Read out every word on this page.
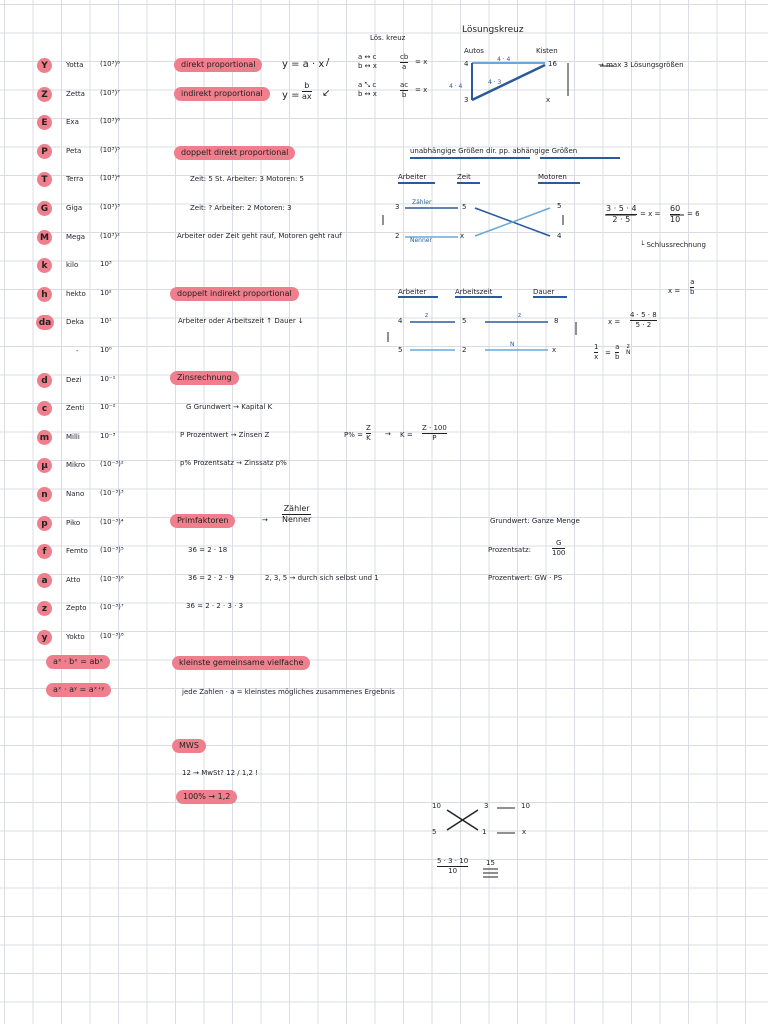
Y	Yotta (10³)⁸
Z	Zetta (10³)⁷
E	Exa	(10³)⁶
P	Peta	(10³)⁵
T	Terra (10³)⁴
G	Giga	(10³)³
M	Mega (10³)²
k	kilo	10³
h	hekto 10²
da	Deka 10¹
-	10⁰
d	Dezi	10⁻¹
c	Zenti 10⁻²
m	Milli	10⁻³
µ	Mikro (10⁻³)²
n	Nano (10⁻³)³
p	Piko	(10⁻³)⁴
f	Femto (10⁻³)⁵
a	Atto	(10⁻³)⁶
z	Zepto (10⁻³)⁷
y	Yokto (10⁻³)⁸
aˣ · bˣ = abˣ
aˣ · aʸ = aˣ⁺ʸ
direkt proportional	y = a · x /
indirekt proportional	y =
b
ax ↙
Lös. kreuz
a ↔ c
b ↔ x
cb
a
= x
a ⤡ c
b ↔ x
ac
b
= x
Lösungskreuz
Autos	Kisten
4	16
3	x
4 · 4
4 · 4
4 · 3
→ max 3 Lösungsgrößen
doppelt direkt proportional
Zeit: 5 St. Arbeiter: 3 Motoren: 5
Zeit: ? Arbeiter: 2 Motoren: 3
Arbeiter oder Zeit geht rauf, Motoren geht rauf
unabhängige Größen dir. pp. abhängige Größen
Arbeiter	Zeit	Motoren
3	5	5
2	x	4
Zähler
Nenner
3 · 5 · 4
2 · 5
= x =
60
10
= 6
└ Schlussrechnung
doppelt indirekt proportional
Arbeiter oder Arbeitszeit ↑ Dauer ↓
Arbeiter	Arbeitszeit	Dauer
4	5	8
5	2	x
z	z
N
x =
a
b
x =
4 · 5 · 8
5 · 2
1
x =
a
b
z
N
Zinsrechnung
G Grundwert → Kapital K
P Prozentwert → Zinsen Z
p% Prozentsatz → Zinssatz p%
P% =
Z
K → K =
Z · 100
P
Primfaktoren	→
Zähler
Nenner
36 = 2 · 18
36 = 2 · 2 · 9	2, 3, 5 → durch sich selbst und 1
36 = 2 · 2 · 3 · 3
Grundwert: Ganze Menge
Prozentsatz:
G
100
Prozentwert: GW · PS
kleinste gemeinsame vielfache
jede Zahlen · a = kleinstes mögliches zusammenes Ergebnis
MWS
12 → MwSt? 12 / 1,2 !
100% → 1,2
10	3	10
5	1	x
5 · 3 · 10
10
15
